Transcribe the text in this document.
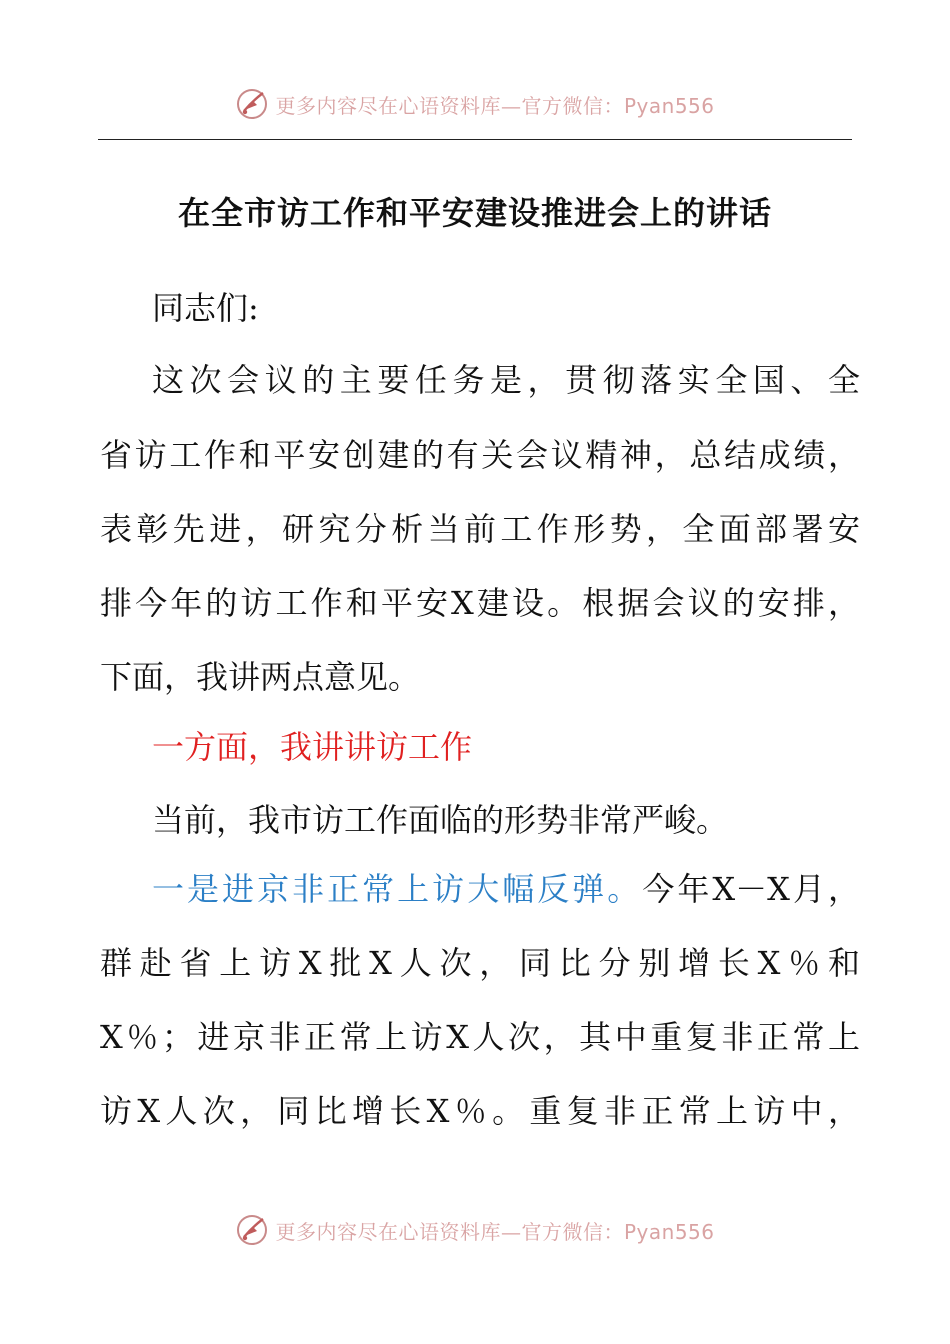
更多内容尽在心语资料库—官方微信：Pyan556
在全市访工作和平安建设推进会上的讲话
同志们:
这次会议的主要任务是，贯彻落实全国、全
省访工作和平安创建的有关会议精神，总结成绩，
表彰先进，研究分析当前工作形势，全面部署安
排今年的访工作和平安X建设。根据会议的安排，
下面，我讲两点意见。
一方面，我讲讲访工作
当前，我市访工作面临的形势非常严峻。
一是进京非正常上访大幅反弹。今年X－X月，
群赴省上访X批X人次，同比分别增长X％和
X％；进京非正常上访X人次，其中重复非正常上
访X人次，同比增长X％。重复非正常上访中，
更多内容尽在心语资料库—官方微信：Pyan556
